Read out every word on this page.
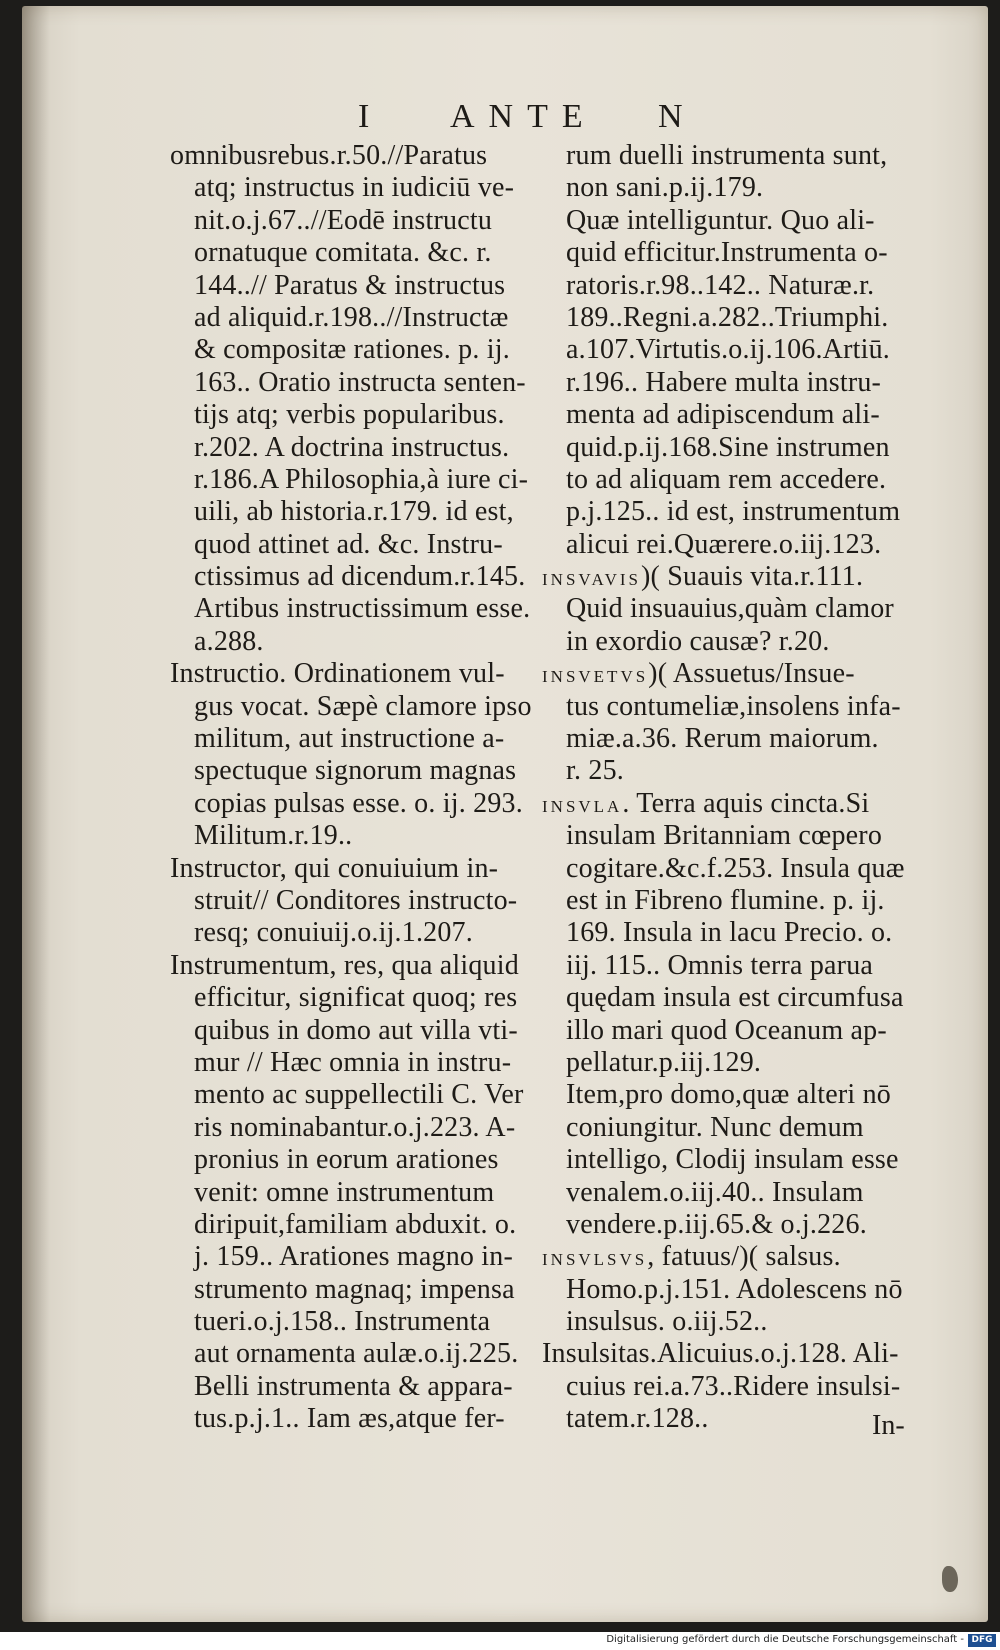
I ANTE N
omnibusrebus.r.50.//Paratus
atq; instructus in iudiciū ve-
nit.o.j.67..//Eodē instructu
ornatuque comitata. &c. r.
144..// Paratus & instructus
ad aliquid.r.198..//Instructæ
& compositæ rationes. p. ij.
163.. Oratio instructa senten-
tijs atq; verbis popularibus.
r.202. A doctrina instructus.
r.186.A Philosophia,à iure ci-
uili, ab historia.r.179. id est,
quod attinet ad. &c. Instru-
ctissimus ad dicendum.r.145.
Artibus instructissimum esse.
a.288.
Instructio. Ordinationem vul-
gus vocat. Sæpè clamore ipso
militum, aut instructione a-
spectuque signorum magnas
copias pulsas esse. o. ij. 293.
Militum.r.19..
Instructor, qui conuiuium in-
struit// Conditores instructo-
resq; conuiuij.o.ij.1.207.
Instrumentum, res, qua aliquid
efficitur, significat quoq; res
quibus in domo aut villa vti-
mur // Hæc omnia in instru-
mento ac suppellectili C. Ver
ris nominabantur.o.j.223. A-
pronius in eorum arationes
venit: omne instrumentum
diripuit,familiam abduxit. o.
j. 159.. Arationes magno in-
strumento magnaq; impensa
tueri.o.j.158.. Instrumenta
aut ornamenta aulæ.o.ij.225.
Belli instrumenta & appara-
tus.p.j.1.. Iam æs,atque fer-
rum duelli instrumenta sunt,
non sani.p.ij.179.
Quæ intelliguntur. Quo ali-
quid efficitur.Instrumenta o-
ratoris.r.98..142.. Naturæ.r.
189..Regni.a.282..Triumphi.
a.107.Virtutis.o.ij.106.Artiū.
r.196.. Habere multa instru-
menta ad adipiscendum ali-
quid.p.ij.168.Sine instrumen
to ad aliquam rem accedere.
p.j.125.. id est, instrumentum
alicui rei.Quærere.o.iij.123.
INSVAVIS)( Suauis vita.r.111.
Quid insuauius,quàm clamor
in exordio causæ? r.20.
INSVETVS)( Assuetus/Insue-
tus contumeliæ,insolens infa-
miæ.a.36. Rerum maiorum.
r. 25.
INSVLA. Terra aquis cincta.Si
insulam Britanniam cœpero
cogitare.&c.f.253. Insula quæ
est in Fibreno flumine. p. ij.
169. Insula in lacu Precio. o.
iij. 115.. Omnis terra parua
quędam insula est circumfusa
illo mari quod Oceanum ap-
pellatur.p.iij.129.
Item,pro domo,quæ alteri nō
coniungitur. Nunc demum
intelligo, Clodij insulam esse
venalem.o.iij.40.. Insulam
vendere.p.iij.65.& o.j.226.
INSVLSVS, fatuus/)( salsus.
Homo.p.j.151. Adolescens nō
insulsus. o.iij.52..
Insulsitas.Alicuius.o.j.128. Ali-
cuius rei.a.73..Ridere insulsi-
tatem.r.128..	In-
Digitalisierung gefördert durch die Deutsche Forschungsgemeinschaft - DFG
